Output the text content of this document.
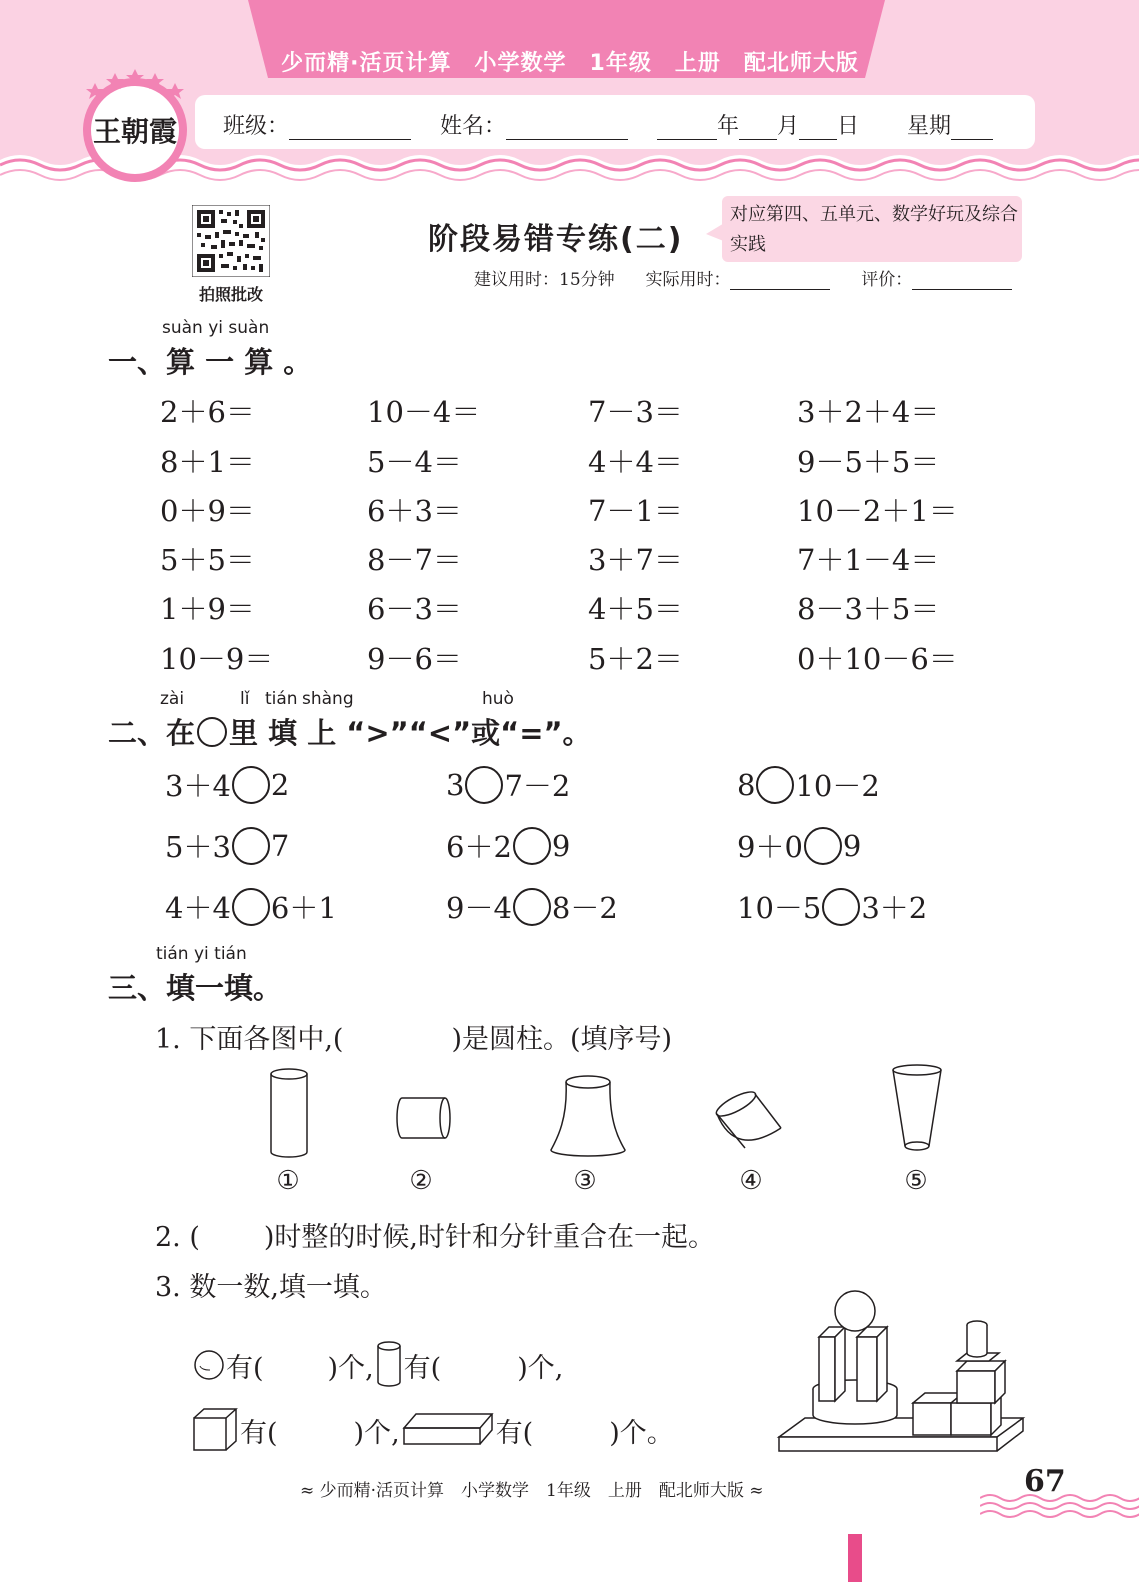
少而精·活页计算　小学数学　1年级　上册　配北师大版
王朝霞 班级：	姓名：	年 月 日 星期
拍照批改
阶段易错专练(二)
对应第四、五单元、数学好玩及综合实践
建议用时：15分钟 实际用时：	评价：
suàn yi suàn
一、算 一 算 。
2＋6＝	10－4＝	7－3＝	3＋2＋4＝
8＋1＝	5－4＝	4＋4＝	9－5＋5＝
0＋9＝	6＋3＝	7－1＝	10－2＋1＝
5＋5＝	8－7＝	3＋7＝	7＋1－4＝
1＋9＝	6－3＝	4＋5＝	8－3＋5＝
10－9＝	9－6＝	5＋2＝	0＋10－6＝
zài	lǐ tián shàng	huò
二、在 里 填 上 “>”“<”或“=”。
3＋4 2	3 7－2	8 10－2
5＋3 7	6＋2 9	9＋0 9
4＋4 6＋1	9－4 8－2	10－5 3＋2
tián yi tián
三、填一填。
1. 下面各图中,(	)是圆柱。(填序号)
①	②	③	④	⑤
2. ( )时整的时候,时针和分针重合在一起。
3. 数一数,填一填。
有( )个, 有(	)个,
有(	)个,	有(	)个。
≈ 少而精·活页计算　小学数学　1年级　上册　配北师大版 ≈	67
